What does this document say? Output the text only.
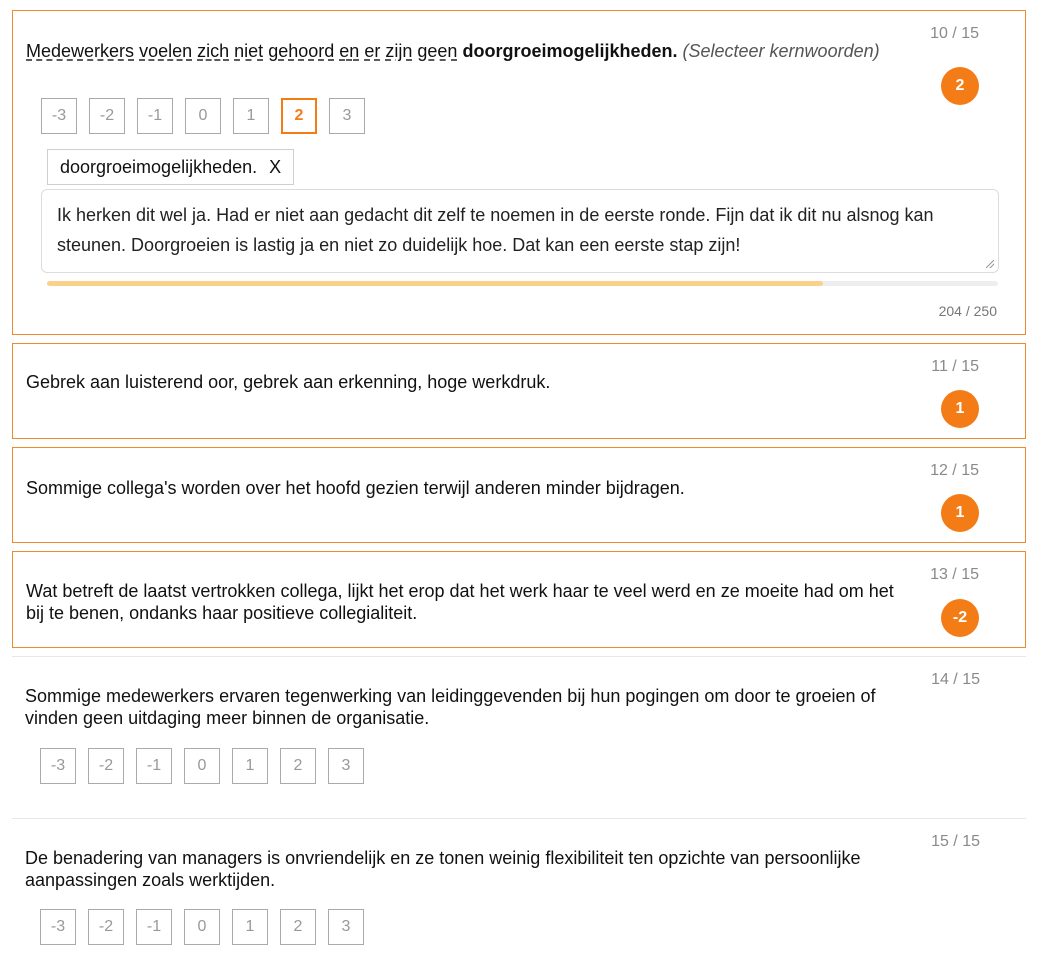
10 / 15
2
Medewerkers voelen zich niet gehoord en er zijn geen doorgroeimogelijkheden. (Selecteer kernwoorden)
-3	-2	-1	0	1	2	3
doorgroeimogelijkheden. X
Ik herken dit wel ja. Had er niet aan gedacht dit zelf te noemen in de eerste ronde. Fijn dat ik dit nu alsnog kan steunen. Doorgroeien is lastig ja en niet zo duidelijk hoe. Dat kan een eerste stap zijn!
204 / 250
11 / 15
Gebrek aan luisterend oor, gebrek aan erkenning, hoge werkdruk.
1
12 / 15
Sommige collega's worden over het hoofd gezien terwijl anderen minder bijdragen.
1
13 / 15
Wat betreft de laatst vertrokken collega, lijkt het erop dat het werk haar te veel werd en ze moeite had om het bij te benen, ondanks haar positieve collegialiteit.	-2
14 / 15
Sommige medewerkers ervaren tegenwerking van leidinggevenden bij hun pogingen om door te groeien of vinden geen uitdaging meer binnen de organisatie.
-3	-2	-1	0	1	2	3
15 / 15
De benadering van managers is onvriendelijk en ze tonen weinig flexibiliteit ten opzichte van persoonlijke aanpassingen zoals werktijden.
-3	-2	-1	0	1	2	3
